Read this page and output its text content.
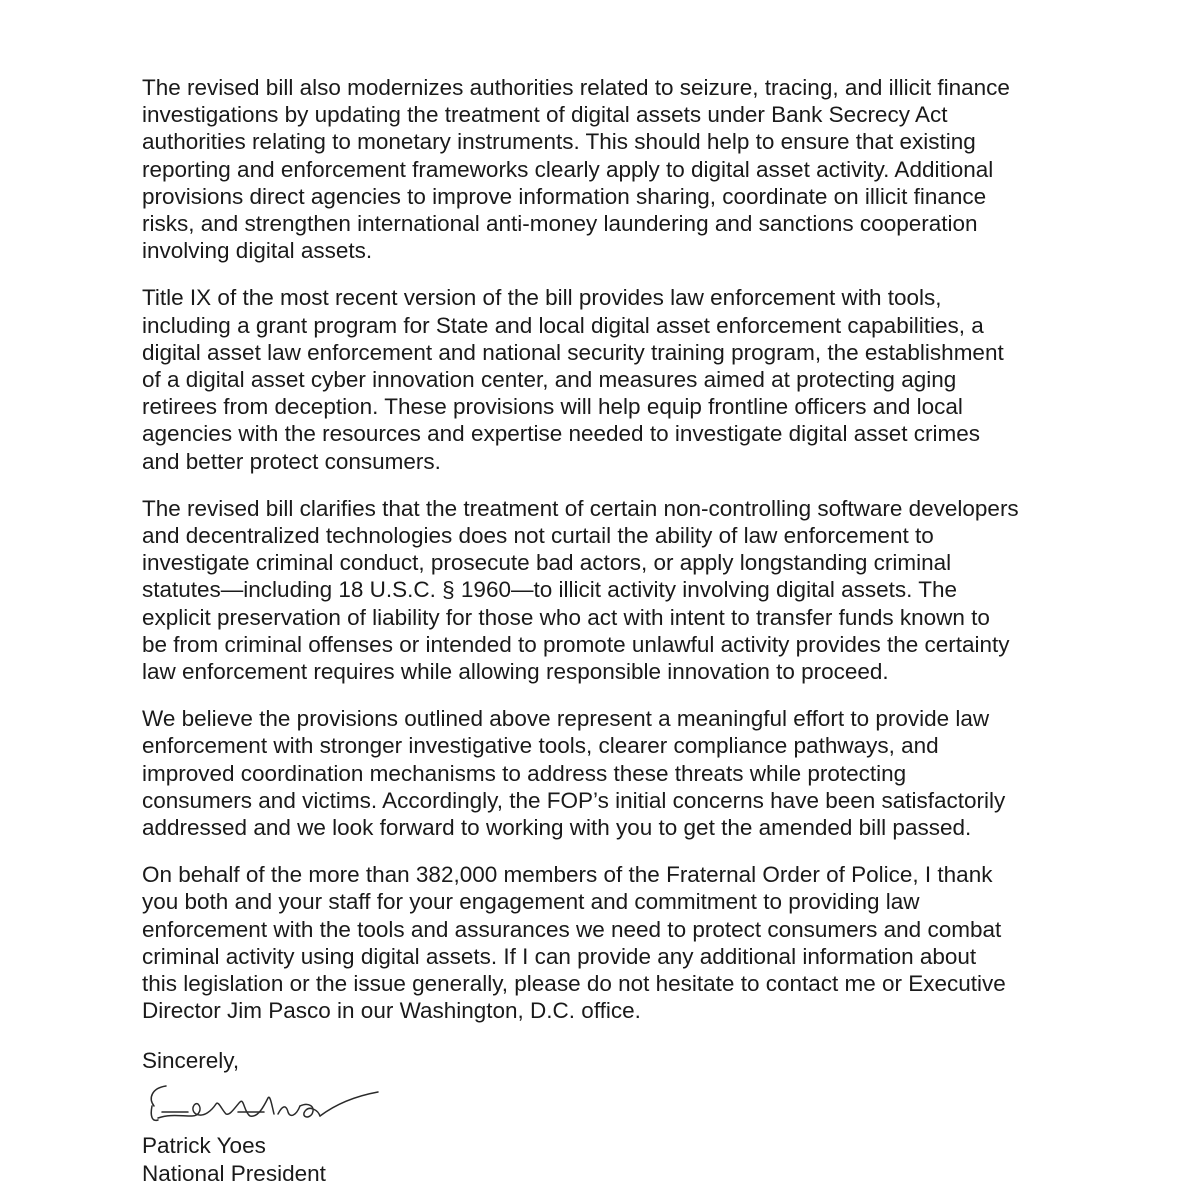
The revised bill also modernizes authorities related to seizure, tracing, and illicit finance
investigations by updating the treatment of digital assets under Bank Secrecy Act
authorities relating to monetary instruments. This should help to ensure that existing
reporting and enforcement frameworks clearly apply to digital asset activity. Additional
provisions direct agencies to improve information sharing, coordinate on illicit finance
risks, and strengthen international anti-money laundering and sanctions cooperation
involving digital assets.

Title IX of the most recent version of the bill provides law enforcement with tools,
including a grant program for State and local digital asset enforcement capabilities, a
digital asset law enforcement and national security training program, the establishment
of a digital asset cyber innovation center, and measures aimed at protecting aging
retirees from deception. These provisions will help equip frontline officers and local
agencies with the resources and expertise needed to investigate digital asset crimes
and better protect consumers.

The revised bill clarifies that the treatment of certain non-controlling software developers
and decentralized technologies does not curtail the ability of law enforcement to
investigate criminal conduct, prosecute bad actors, or apply longstanding criminal
statutes—including 18 U.S.C. § 1960—to illicit activity involving digital assets. The
explicit preservation of liability for those who act with intent to transfer funds known to
be from criminal offenses or intended to promote unlawful activity provides the certainty
law enforcement requires while allowing responsible innovation to proceed.

We believe the provisions outlined above represent a meaningful effort to provide law
enforcement with stronger investigative tools, clearer compliance pathways, and
improved coordination mechanisms to address these threats while protecting
consumers and victims. Accordingly, the FOP’s initial concerns have been satisfactorily
addressed and we look forward to working with you to get the amended bill passed.

On behalf of the more than 382,000 members of the Fraternal Order of Police, I thank
you both and your staff for your engagement and commitment to providing law
enforcement with the tools and assurances we need to protect consumers and combat
criminal activity using digital assets. If I can provide any additional information about
this legislation or the issue generally, please do not hesitate to contact me or Executive
Director Jim Pasco in our Washington, D.C. office.

Sincerely,
Patrick Yoes
National President
